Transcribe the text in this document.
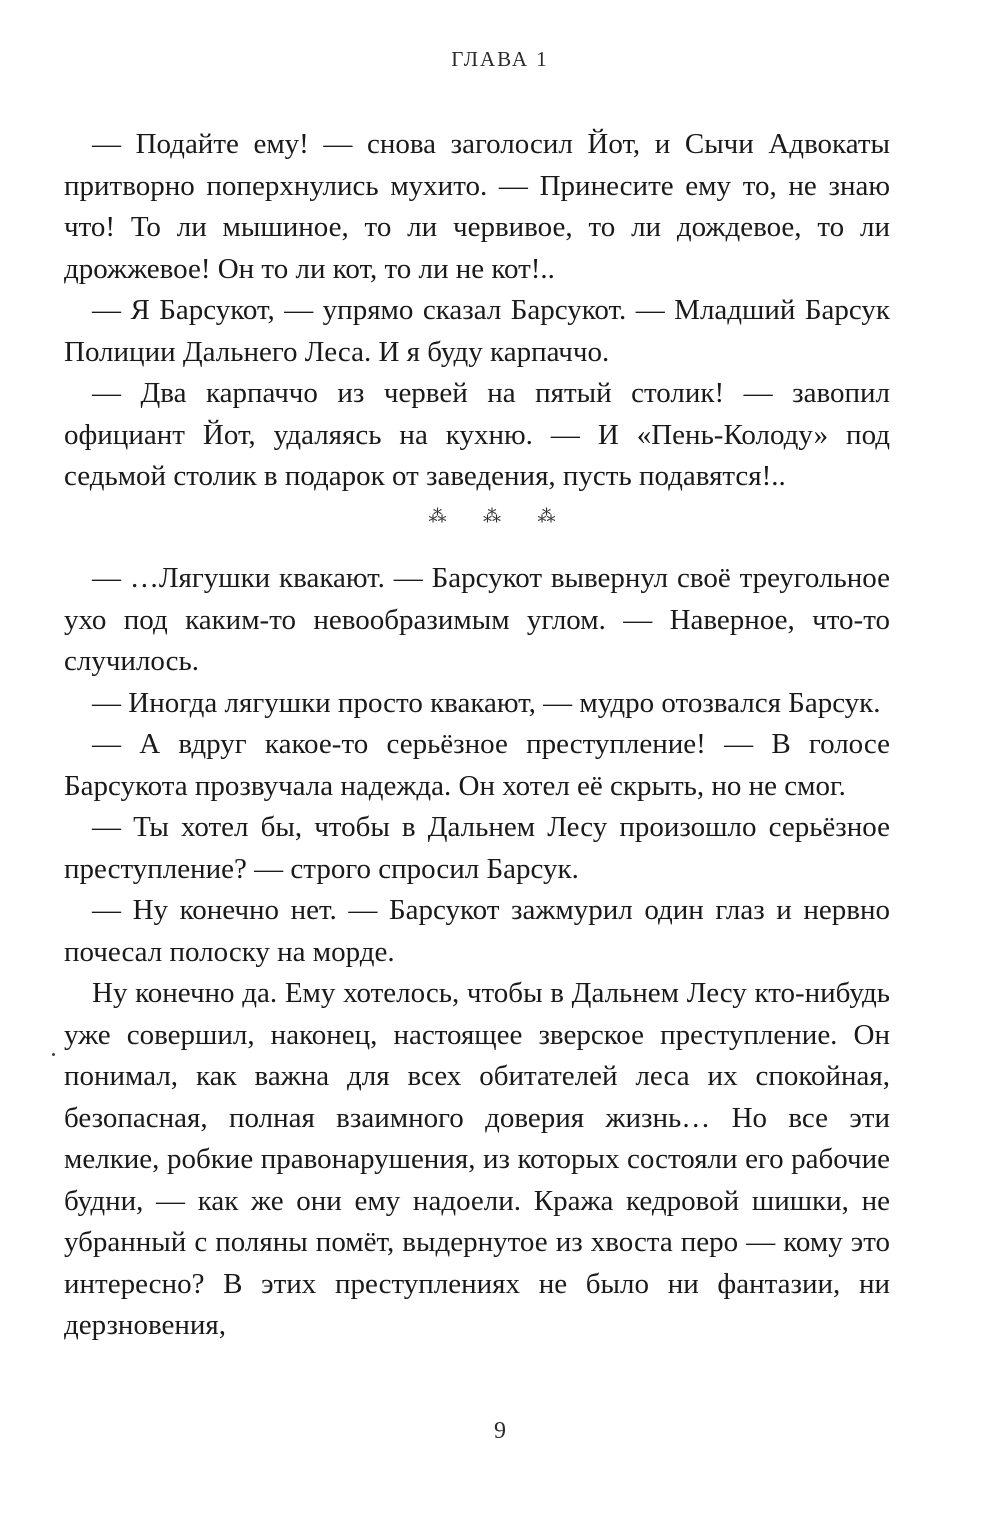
ГЛАВА 1

— Подайте ему! — снова заголосил Йот, и Сычи Адвокаты притворно поперхнулись мухито. — Принесите ему то, не знаю что! То ли мышиное, то ли червивое, то ли дождевое, то ли дрожжевое! Он то ли кот, то ли не кот!..

— Я Барсукот, — упрямо сказал Барсукот. — Младший Барсук Полиции Дальнего Леса. И я буду карпаччо.

— Два карпаччо из червей на пятый столик! — завопил официант Йот, удаляясь на кухню. — И «Пень-Колоду» под седьмой столик в подарок от заведения, пусть подавятся!..

⁂ ⁂ ⁂

— …Лягушки квакают. — Барсукот вывернул своё треугольное ухо под каким-то невообразимым углом. — Наверное, что-то случилось.

— Иногда лягушки просто квакают, — мудро отозвался Барсук.

— А вдруг какое-то серьёзное преступление! — В голосе Барсукота прозвучала надежда. Он хотел её скрыть, но не смог.

— Ты хотел бы, чтобы в Дальнем Лесу произошло серьёзное преступление? — строго спросил Барсук.

— Ну конечно нет. — Барсукот зажмурил один глаз и нервно почесал полоску на морде.

Ну конечно да. Ему хотелось, чтобы в Дальнем Лесу кто-нибудь уже совершил, наконец, настоящее зверское преступление. Он понимал, как важна для всех обитателей леса их спокойная, безопасная, полная взаимного доверия жизнь… Но все эти мелкие, робкие правонарушения, из которых состояли его рабочие будни, — как же они ему надоели. Кража кедровой шишки, не убранный с поляны помёт, выдернутое из хвоста перо — кому это интересно? В этих преступлениях не было ни фантазии, ни дерзновения,

9
